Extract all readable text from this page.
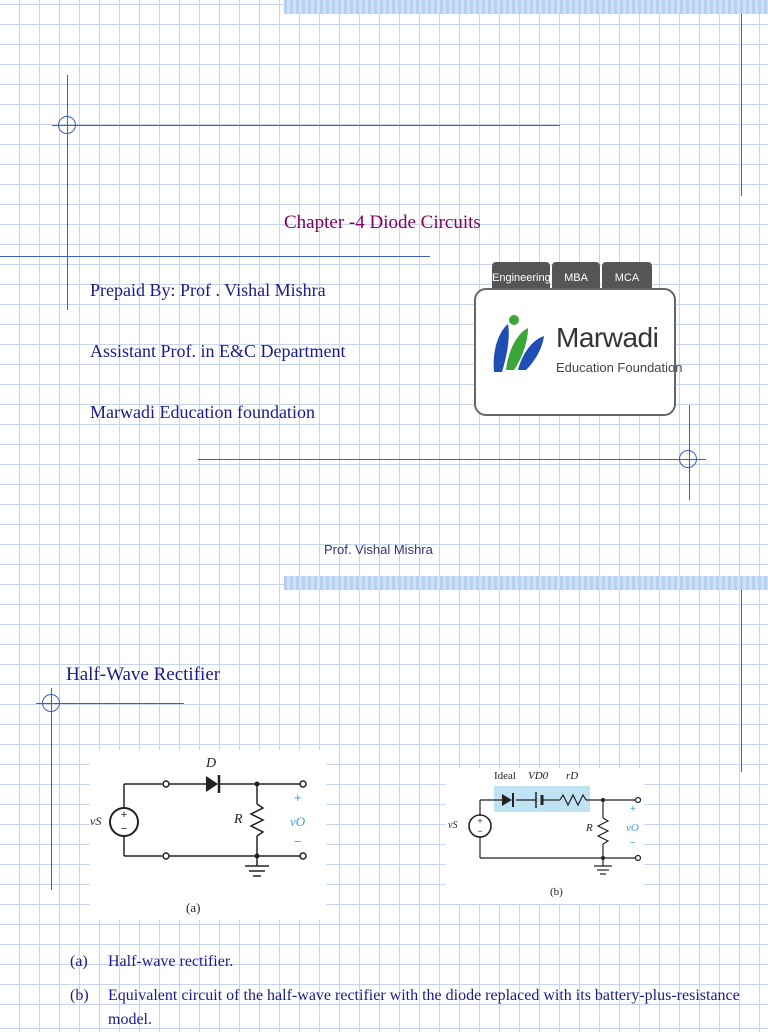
Chapter -4 Diode Circuits
Prepaid By: Prof . Vishal Mishra
Assistant Prof. in E&C Department
Marwadi Education foundation
Engineering	MBA	MCA
Marwadi
Education Foundation
Prof. Vishal Mishra
Half-Wave Rectifier
+
−
D
vS	R
+
vO
−
(a)
+
−
Ideal VD0 rD
vS	R
+
vO
−
(b)
(a) Half-wave rectifier.
(b)	Equivalent circuit of the half-wave rectifier with the diode replaced with its battery-plus-resistance model.
